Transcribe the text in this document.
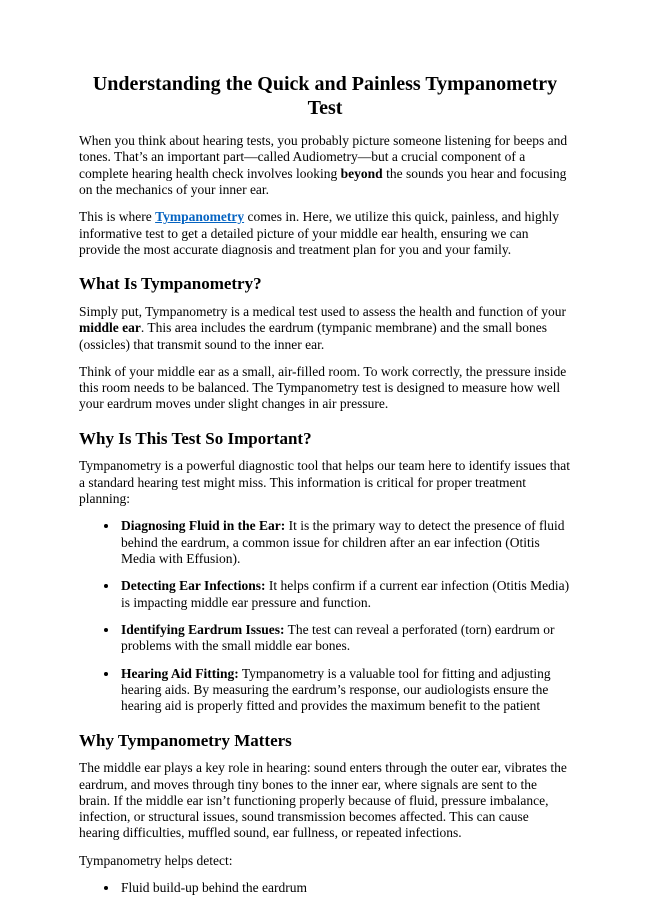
Understanding the Quick and Painless Tympanometry Test

When you think about hearing tests, you probably picture someone listening for beeps and tones. That’s an important part—called Audiometry—but a crucial component of a complete hearing health check involves looking beyond the sounds you hear and focusing on the mechanics of your inner ear.

This is where Tympanometry comes in. Here, we utilize this quick, painless, and highly informative test to get a detailed picture of your middle ear health, ensuring we can provide the most accurate diagnosis and treatment plan for you and your family.

What Is Tympanometry?

Simply put, Tympanometry is a medical test used to assess the health and function of your middle ear. This area includes the eardrum (tympanic membrane) and the small bones (ossicles) that transmit sound to the inner ear.

Think of your middle ear as a small, air-filled room. To work correctly, the pressure inside this room needs to be balanced. The Tympanometry test is designed to measure how well your eardrum moves under slight changes in air pressure.

Why Is This Test So Important?

Tympanometry is a powerful diagnostic tool that helps our team here to identify issues that a standard hearing test might miss. This information is critical for proper treatment planning:

• Diagnosing Fluid in the Ear: It is the primary way to detect the presence of fluid behind the eardrum, a common issue for children after an ear infection (Otitis Media with Effusion).
• Detecting Ear Infections: It helps confirm if a current ear infection (Otitis Media) is impacting middle ear pressure and function.
• Identifying Eardrum Issues: The test can reveal a perforated (torn) eardrum or problems with the small middle ear bones.
• Hearing Aid Fitting: Tympanometry is a valuable tool for fitting and adjusting hearing aids. By measuring the eardrum’s response, our audiologists ensure the hearing aid is properly fitted and provides the maximum benefit to the patient
Why Tympanometry Matters

The middle ear plays a key role in hearing: sound enters through the outer ear, vibrates the eardrum, and moves through tiny bones to the inner ear, where signals are sent to the brain. If the middle ear isn’t functioning properly because of fluid, pressure imbalance, infection, or structural issues, sound transmission becomes affected. This can cause hearing difficulties, muffled sound, ear fullness, or repeated infections.

Tympanometry helps detect:

• Fluid build-up behind the eardrum
